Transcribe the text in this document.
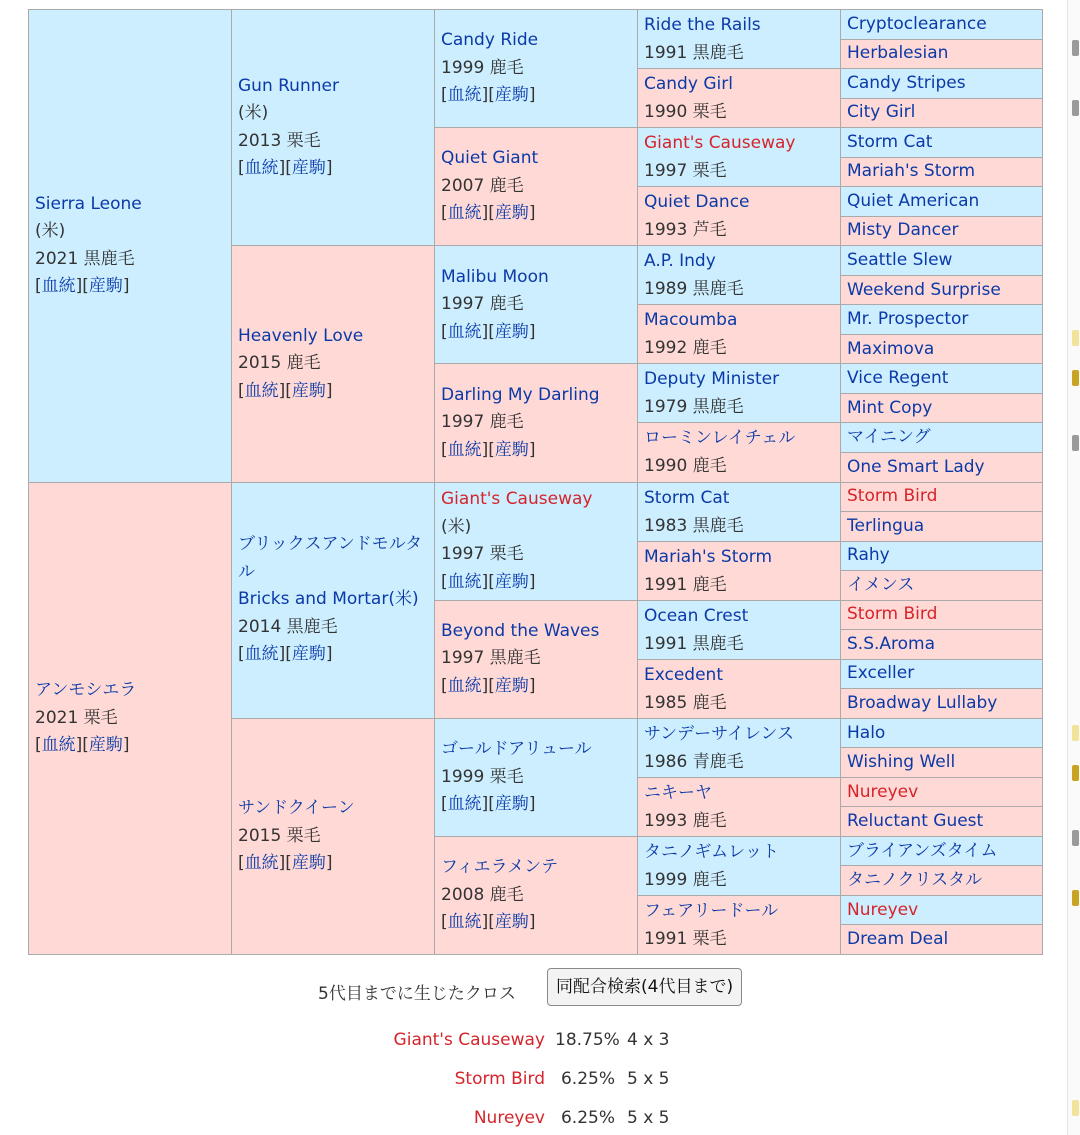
Sierra Leone
(米)
2021 黒鹿毛
[血統][産駒]	Gun Runner
(米)
2013 栗毛
[血統][産駒]	Candy Ride
1999 鹿毛
[血統][産駒]	Ride the Rails
1991 黒鹿毛	Cryptoclearance
				Herbalesian
			Candy Girl
1990 栗毛	Candy Stripes
				City Girl
		Quiet Giant
2007 鹿毛
[血統][産駒]	Giant's Causeway
1997 栗毛	Storm Cat
				Mariah's Storm
			Quiet Dance
1993 芦毛	Quiet American
				Misty Dancer
	Heavenly Love
2015 鹿毛
[血統][産駒]	Malibu Moon
1997 鹿毛
[血統][産駒]	A.P. Indy
1989 黒鹿毛	Seattle Slew
				Weekend Surprise
			Macoumba
1992 鹿毛	Mr. Prospector
				Maximova
		Darling My Darling
1997 鹿毛
[血統][産駒]	Deputy Minister
1979 黒鹿毛	Vice Regent
				Mint Copy
			ローミンレイチェル
1990 鹿毛	マイニング
				One Smart Lady
アンモシエラ
2021 栗毛
[血統][産駒]	ブリックスアンドモルタル
Bricks and Mortar(米)
2014 黒鹿毛
[血統][産駒]	Giant's Causeway
(米)
1997 栗毛
[血統][産駒]	Storm Cat
1983 黒鹿毛	Storm Bird
				Terlingua
			Mariah's Storm
1991 鹿毛	Rahy
				イメンス
		Beyond the Waves
1997 黒鹿毛
[血統][産駒]	Ocean Crest
1991 黒鹿毛	Storm Bird
				S.S.Aroma
			Excedent
1985 鹿毛	Exceller
				Broadway Lullaby
	サンドクイーン
2015 栗毛
[血統][産駒]	ゴールドアリュール
1999 栗毛
[血統][産駒]	サンデーサイレンス
1986 青鹿毛	Halo
				Wishing Well
			ニキーヤ
1993 鹿毛	Nureyev
				Reluctant Guest
		フィエラメンテ
2008 鹿毛
[血統][産駒]	タニノギムレット
1999 鹿毛	ブライアンズタイム
				タニノクリスタル
			フェアリードール
1991 栗毛	Nureyev
				Dream Deal
5代目までに生じたクロス	同配合検索(4代目まで)
Giant's Causeway 18.75% 4 x 3
Storm Bird 6.25% 5 x 5
Nureyev 6.25% 5 x 5
